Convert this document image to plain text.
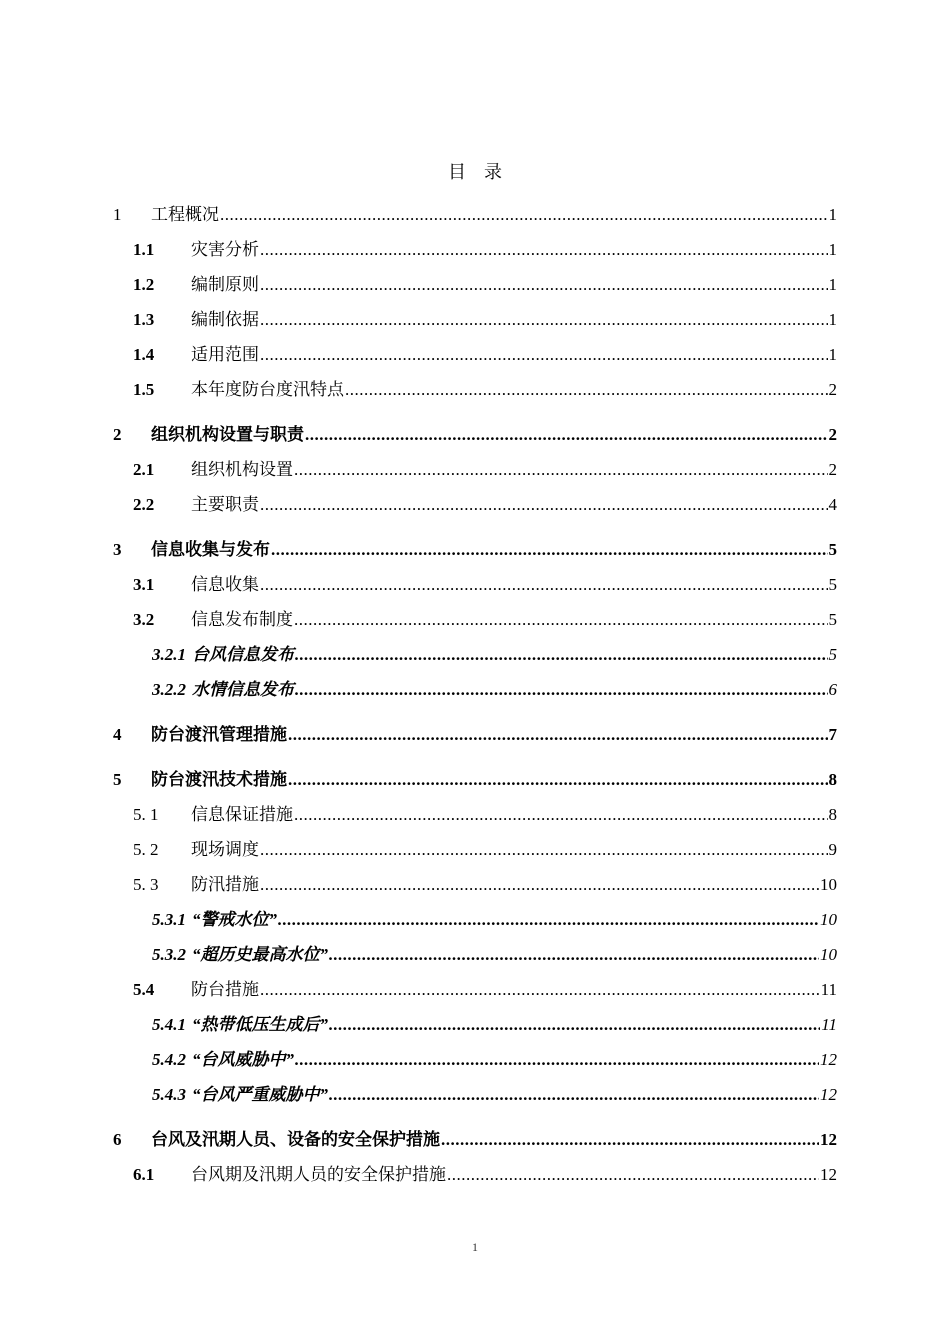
目　录
1	工程概况 .....	1
1.1	灾害分析 .....	1
1.2	编制原则 .....	1
1.3	编制依据 .....	1
1.4	适用范围 .....	1
1.5	本年度防台度汛特点 .....	2
2	组织机构设置与职责 .....	2
2.1	组织机构设置 .....	2
2.2	主要职责 .....	4
3	信息收集与发布 .....	5
3.1	信息收集 .....	5
3.2	信息发布制度 .....	5
3.2.1 台风信息发布 .....	5
3.2.2 水情信息发布 .....	6
4	防台渡汛管理措施 .....	7
5	防台渡汛技术措施 .....	8
5. 1	信息保证措施 .....	8
5. 2	现场调度 .....	9
5. 3	防汛措施 .....	10
5.3.1 “警戒水位” .....	10
5.3.2 “超历史最高水位” .....	10
5.4	防台措施 .....	11
5.4.1 “热带低压生成后” .....	11
5.4.2 “台风威胁中” .....	12
5.4.3 “台风严重威胁中” .....	12
6	台风及汛期人员、设备的安全保护措施 .....	12
6.1	台风期及汛期人员的安全保护措施 .....	12
1
